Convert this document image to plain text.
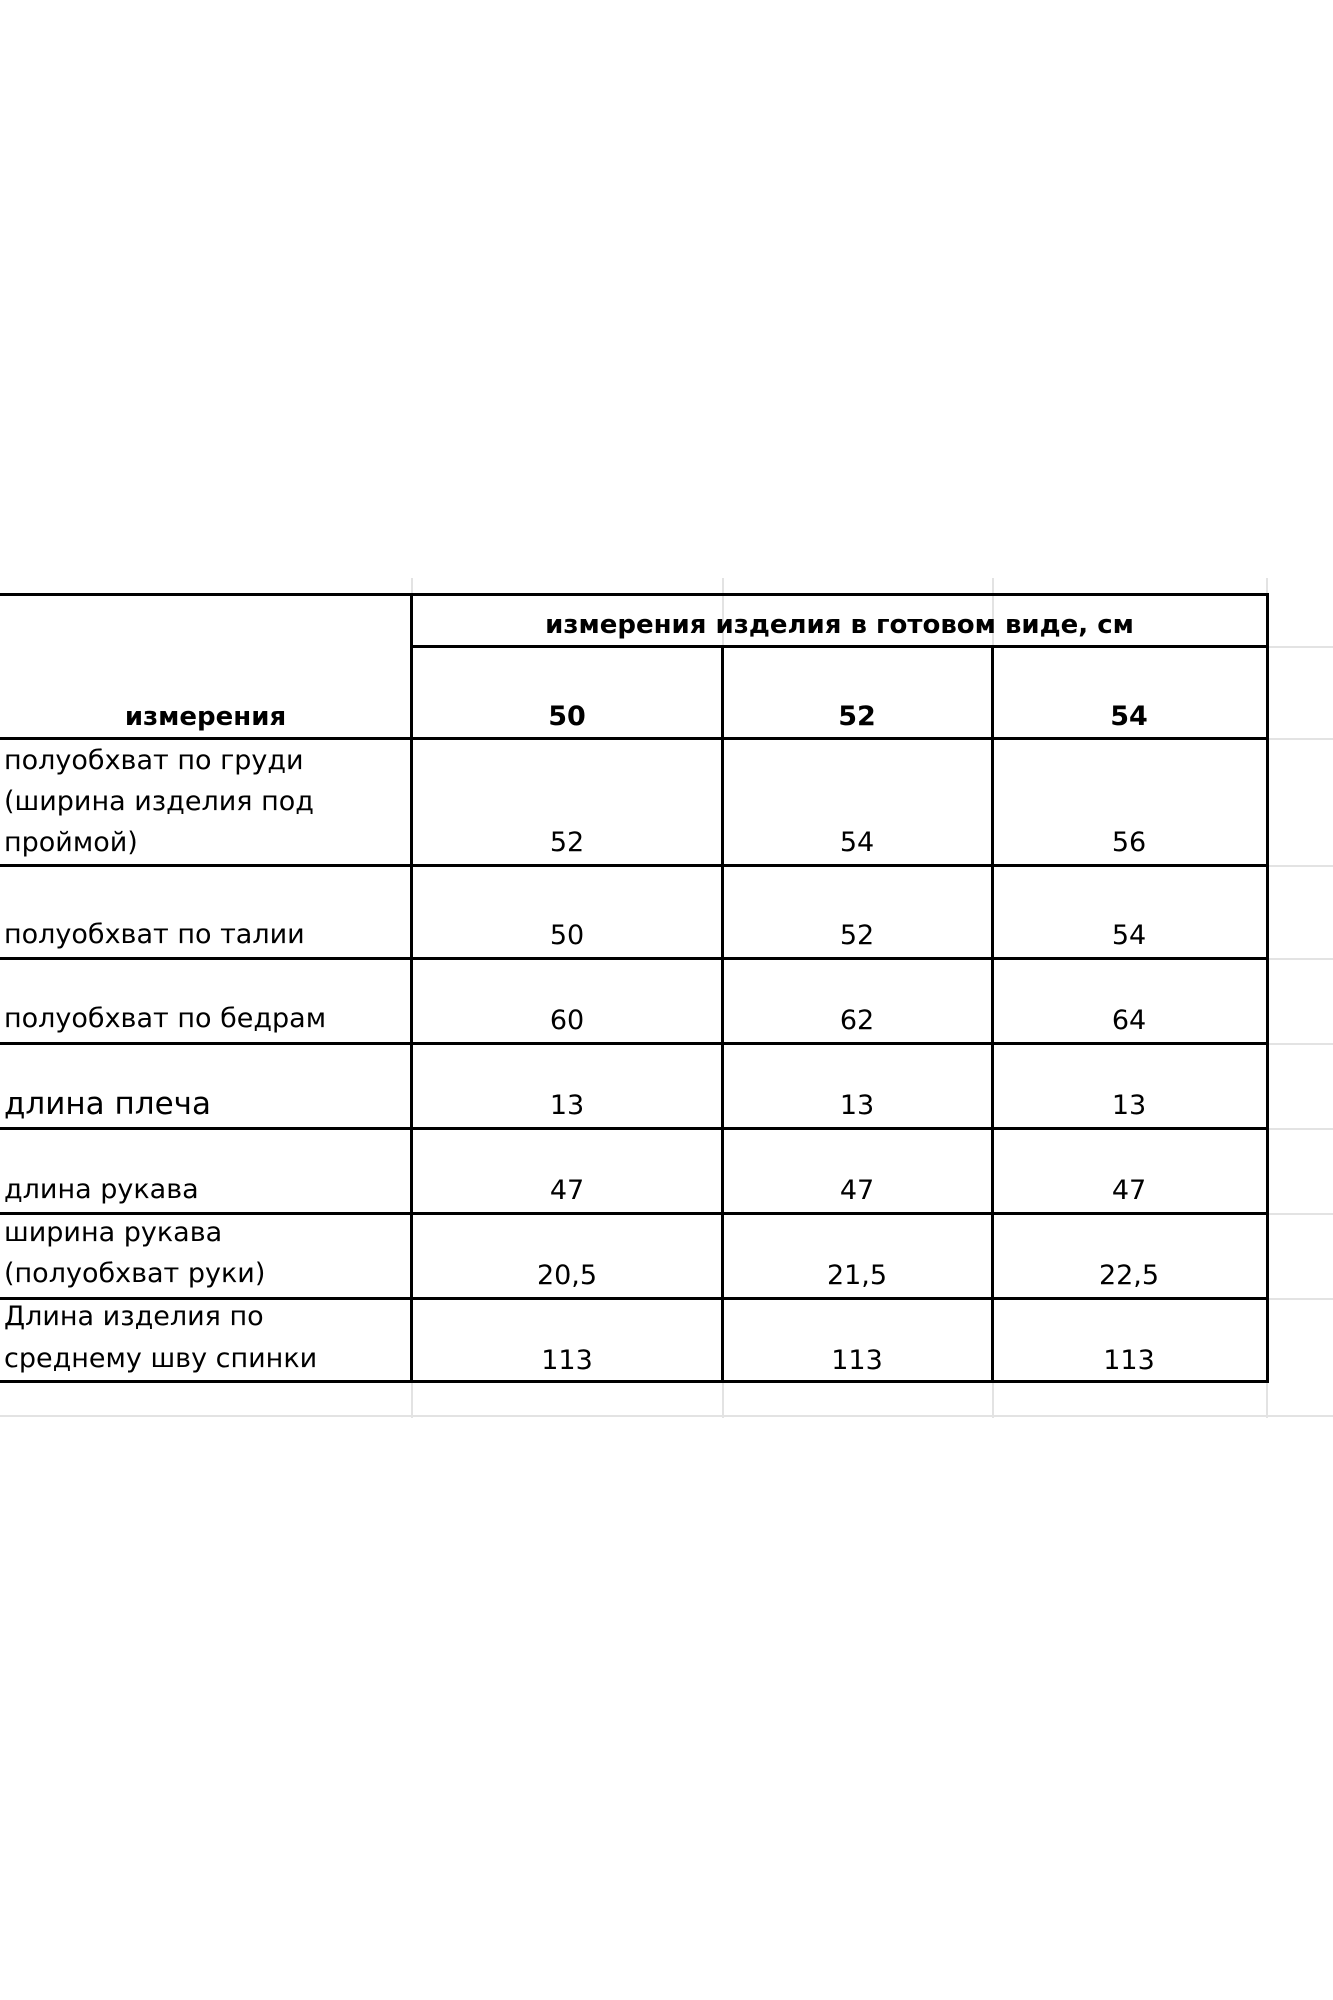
измерения изделия в готовом виде, см
измерения	50	52	54
полуобхват по груди
(ширина изделия под
проймой)	52	54	56
полуобхват по талии	50	52	54
полуобхват по бедрам	60	62	64
длина плеча	13	13	13
длина рукава	47	47	47
ширина рукава
(полуобхват руки)	20,5	21,5	22,5
Длина изделия по
среднему шву спинки	113	113	113
